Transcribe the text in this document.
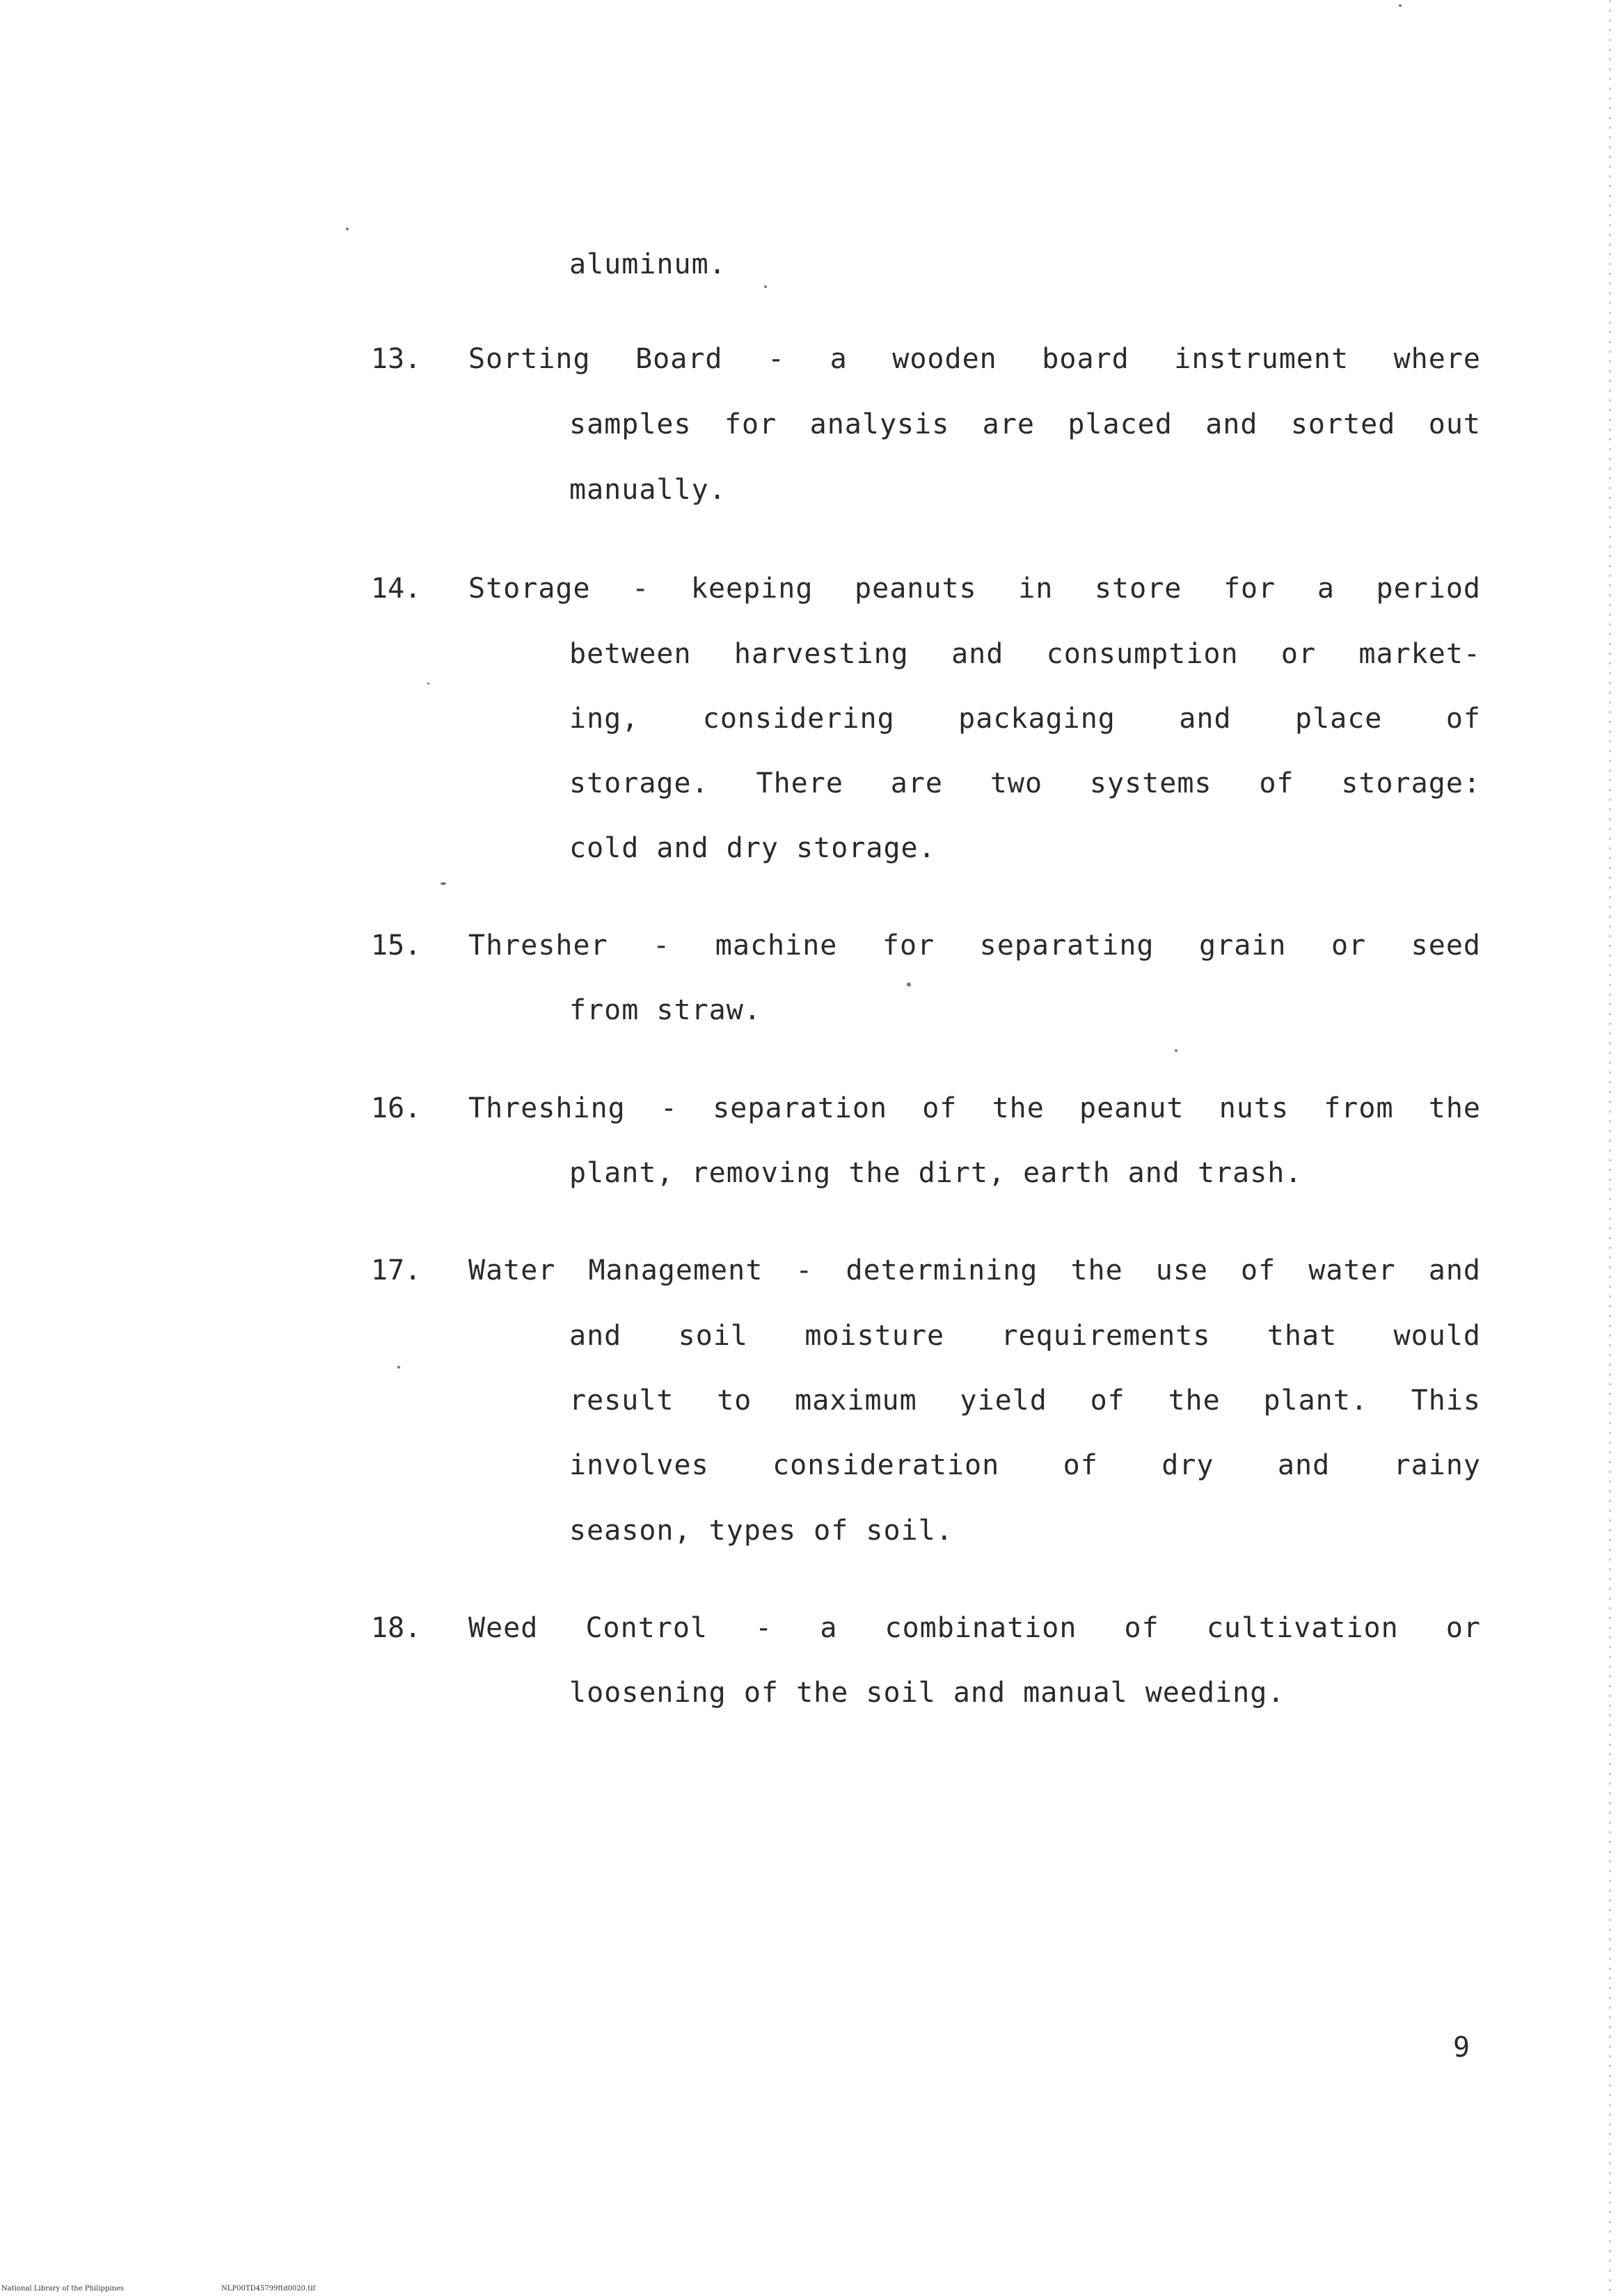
aluminum.
13. Sorting Board - a wooden board instrument where
samples for analysis are placed and sorted out
manually.
14. Storage - keeping peanuts in store for a period
between harvesting and consumption or market-
ing, considering packaging and place of
storage. There are two systems of storage:
cold and dry storage.
15. Thresher - machine for separating grain or seed
from straw.
16. Threshing - separation of the peanut nuts from the
plant, removing the dirt, earth and trash.
17. Water Management - determining the use of water and
and soil moisture requirements that would
result to maximum yield of the plant. This
involves consideration of dry and rainy
season, types of soil.
18. Weed Control - a combination of cultivation or
loosening of the soil and manual weeding.
9
National Library of the Philippines	NLP00TD45799ftd0020.tif
